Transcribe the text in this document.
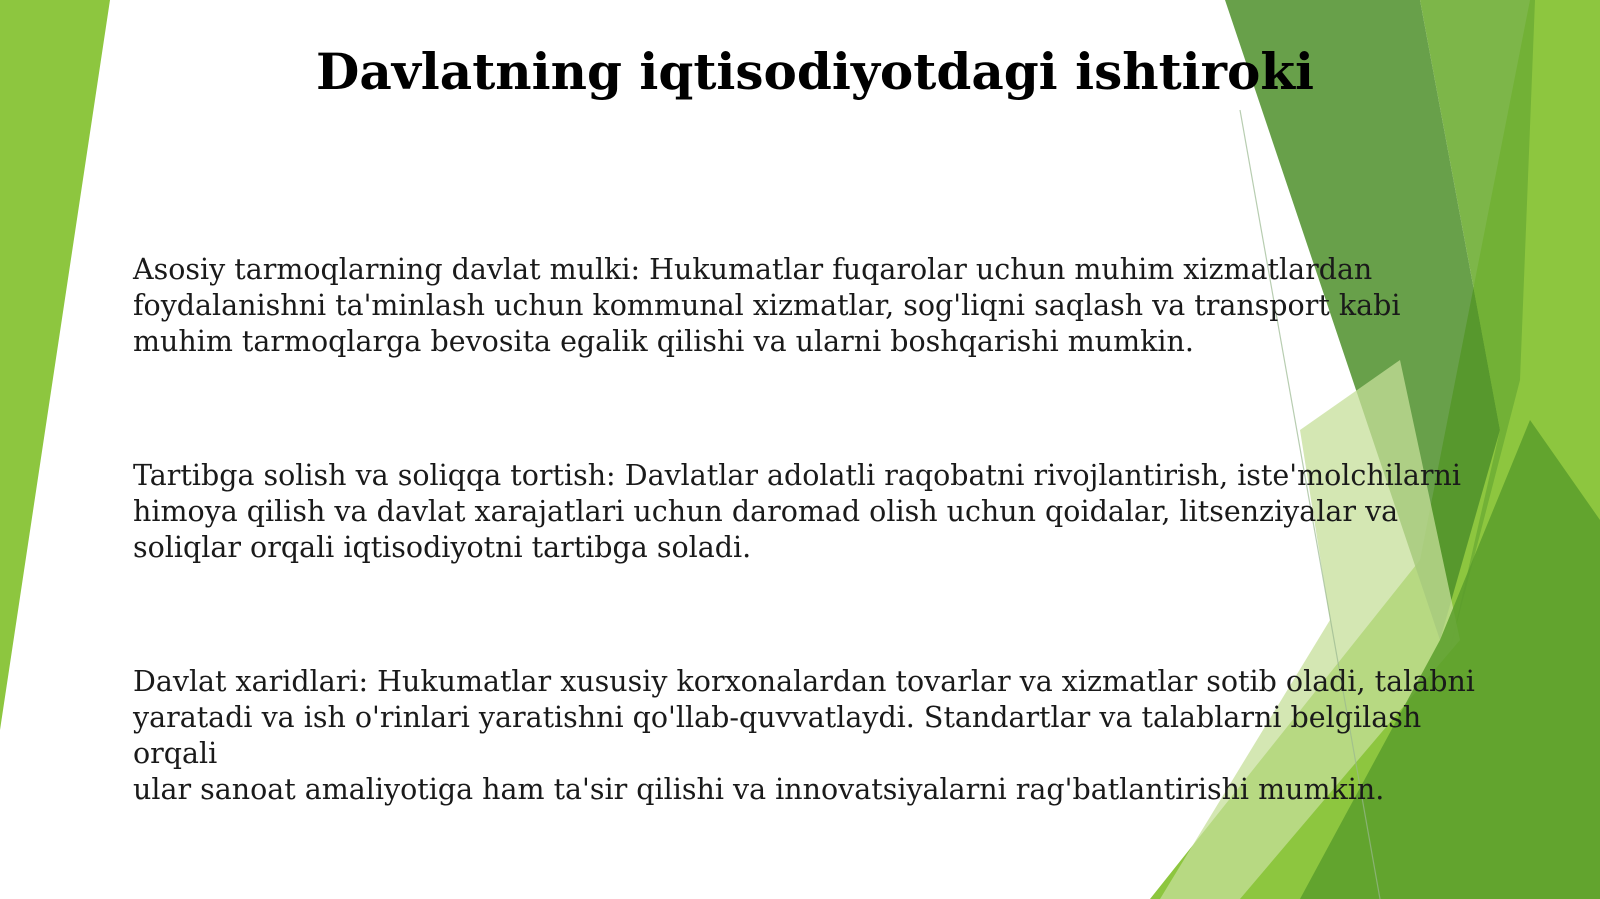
Davlatning iqtisodiyotdagi ishtiroki

Asosiy tarmoqlarning davlat mulki: Hukumatlar fuqarolar uchun muhim xizmatlardan
foydalanishni ta'minlash uchun kommunal xizmatlar, sog'liqni saqlash va transport kabi
muhim tarmoqlarga bevosita egalik qilishi va ularni boshqarishi mumkin.

Tartibga solish va soliqqa tortish: Davlatlar adolatli raqobatni rivojlantirish, iste'molchilarni
himoya qilish va davlat xarajatlari uchun daromad olish uchun qoidalar, litsenziyalar va
soliqlar orqali iqtisodiyotni tartibga soladi.

Davlat xaridlari: Hukumatlar xususiy korxonalardan tovarlar va xizmatlar sotib oladi, talabni
yaratadi va ish o'rinlari yaratishni qo'llab-quvvatlaydi. Standartlar va talablarni belgilash orqali
ular sanoat amaliyotiga ham ta'sir qilishi va innovatsiyalarni rag'batlantirishi mumkin.
